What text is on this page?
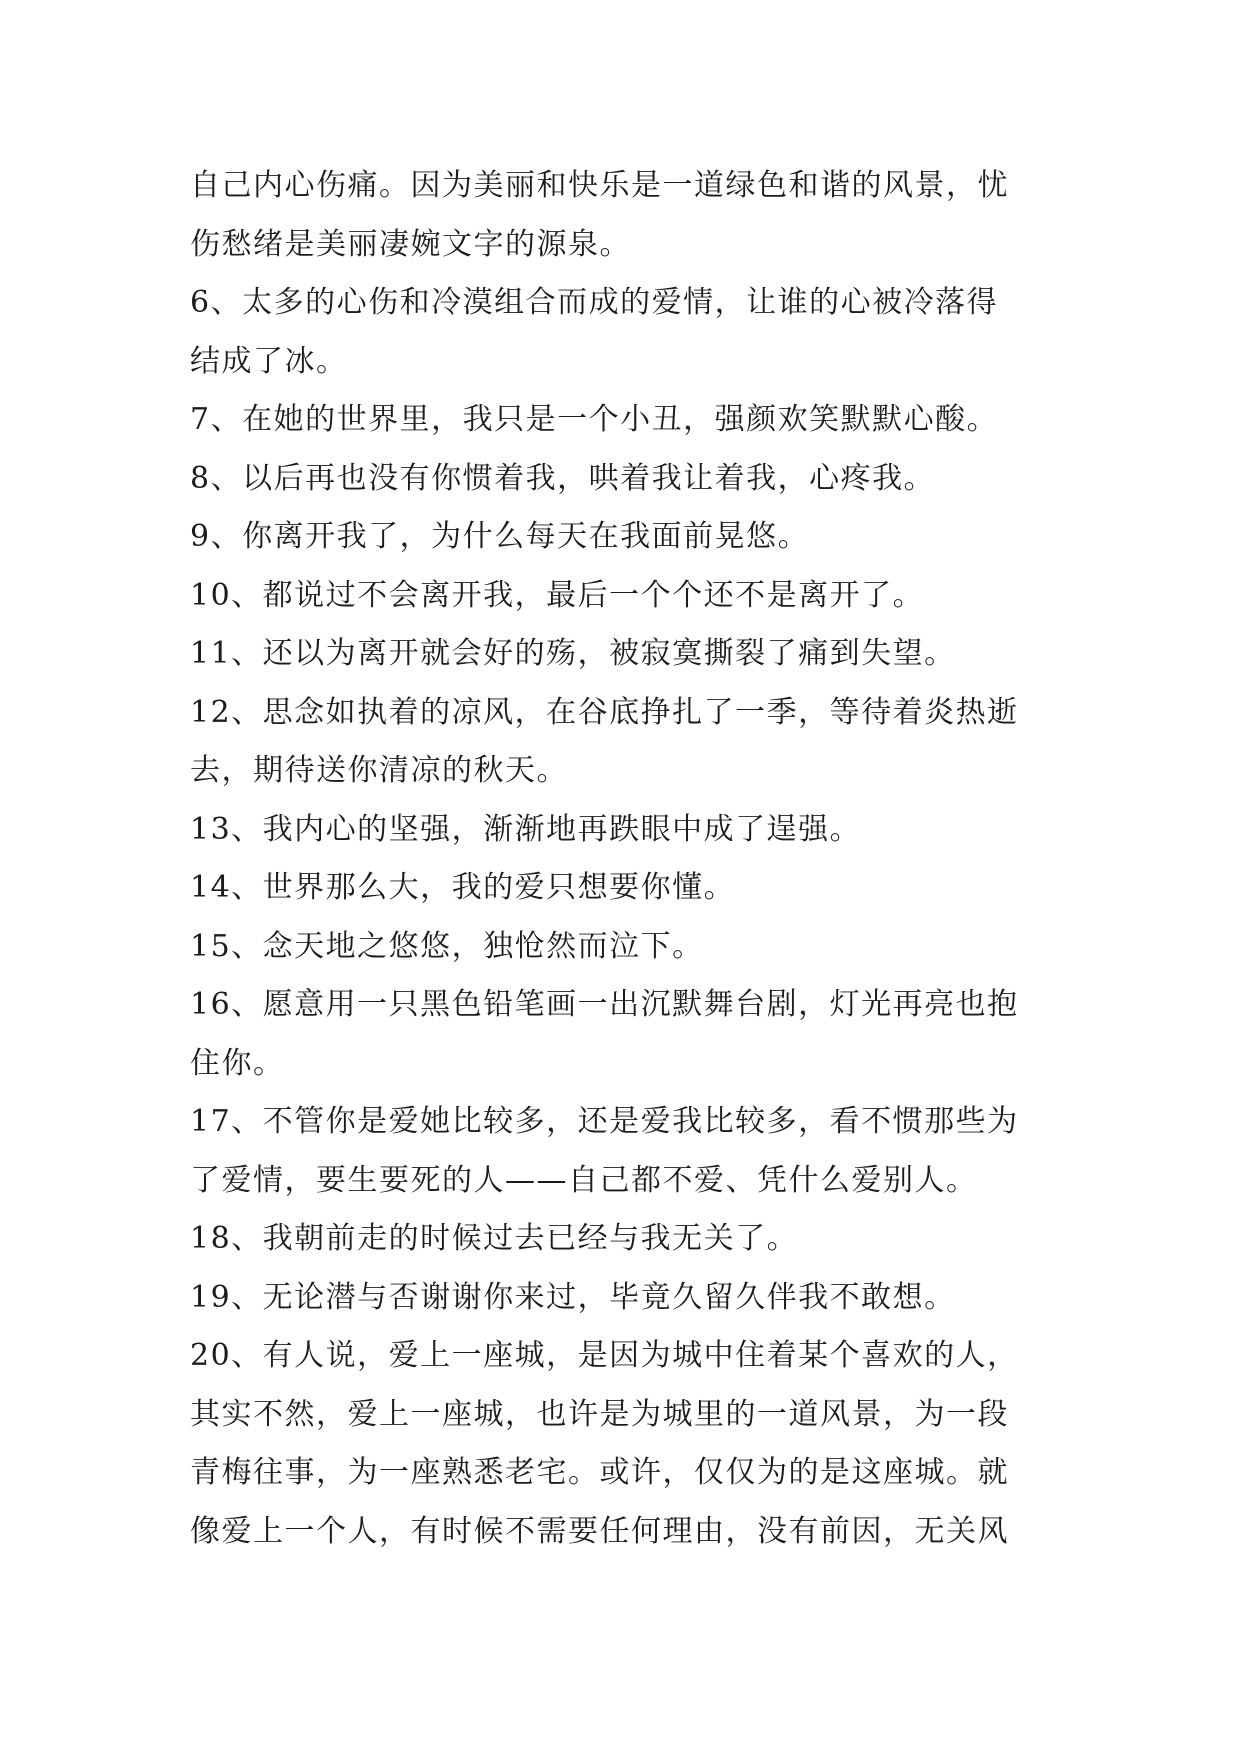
自己内心伤痛。因为美丽和快乐是一道绿色和谐的风景，忧

伤愁绪是美丽凄婉文字的源泉。

6、太多的心伤和冷漠组合而成的爱情，让谁的心被冷落得

结成了冰。

7、在她的世界里，我只是一个小丑，强颜欢笑默默心酸。

8、以后再也没有你惯着我，哄着我让着我，心疼我。

9、你离开我了，为什么每天在我面前晃悠。

10、都说过不会离开我，最后一个个还不是离开了。

11、还以为离开就会好的殇，被寂寞撕裂了痛到失望。

12、思念如执着的凉风，在谷底挣扎了一季，等待着炎热逝

去，期待送你清凉的秋天。

13、我内心的坚强，渐渐地再跌眼中成了逞强。

14、世界那么大，我的爱只想要你懂。

15、念天地之悠悠，独怆然而泣下。

16、愿意用一只黑色铅笔画一出沉默舞台剧，灯光再亮也抱

住你。

17、不管你是爱她比较多，还是爱我比较多，看不惯那些为

了爱情，要生要死的人——自己都不爱、凭什么爱别人。

18、我朝前走的时候过去已经与我无关了。

19、无论潜与否谢谢你来过，毕竟久留久伴我不敢想。

20、有人说，爱上一座城，是因为城中住着某个喜欢的人，

其实不然，爱上一座城，也许是为城里的一道风景，为一段

青梅往事，为一座熟悉老宅。或许，仅仅为的是这座城。就

像爱上一个人，有时候不需要任何理由，没有前因，无关风
